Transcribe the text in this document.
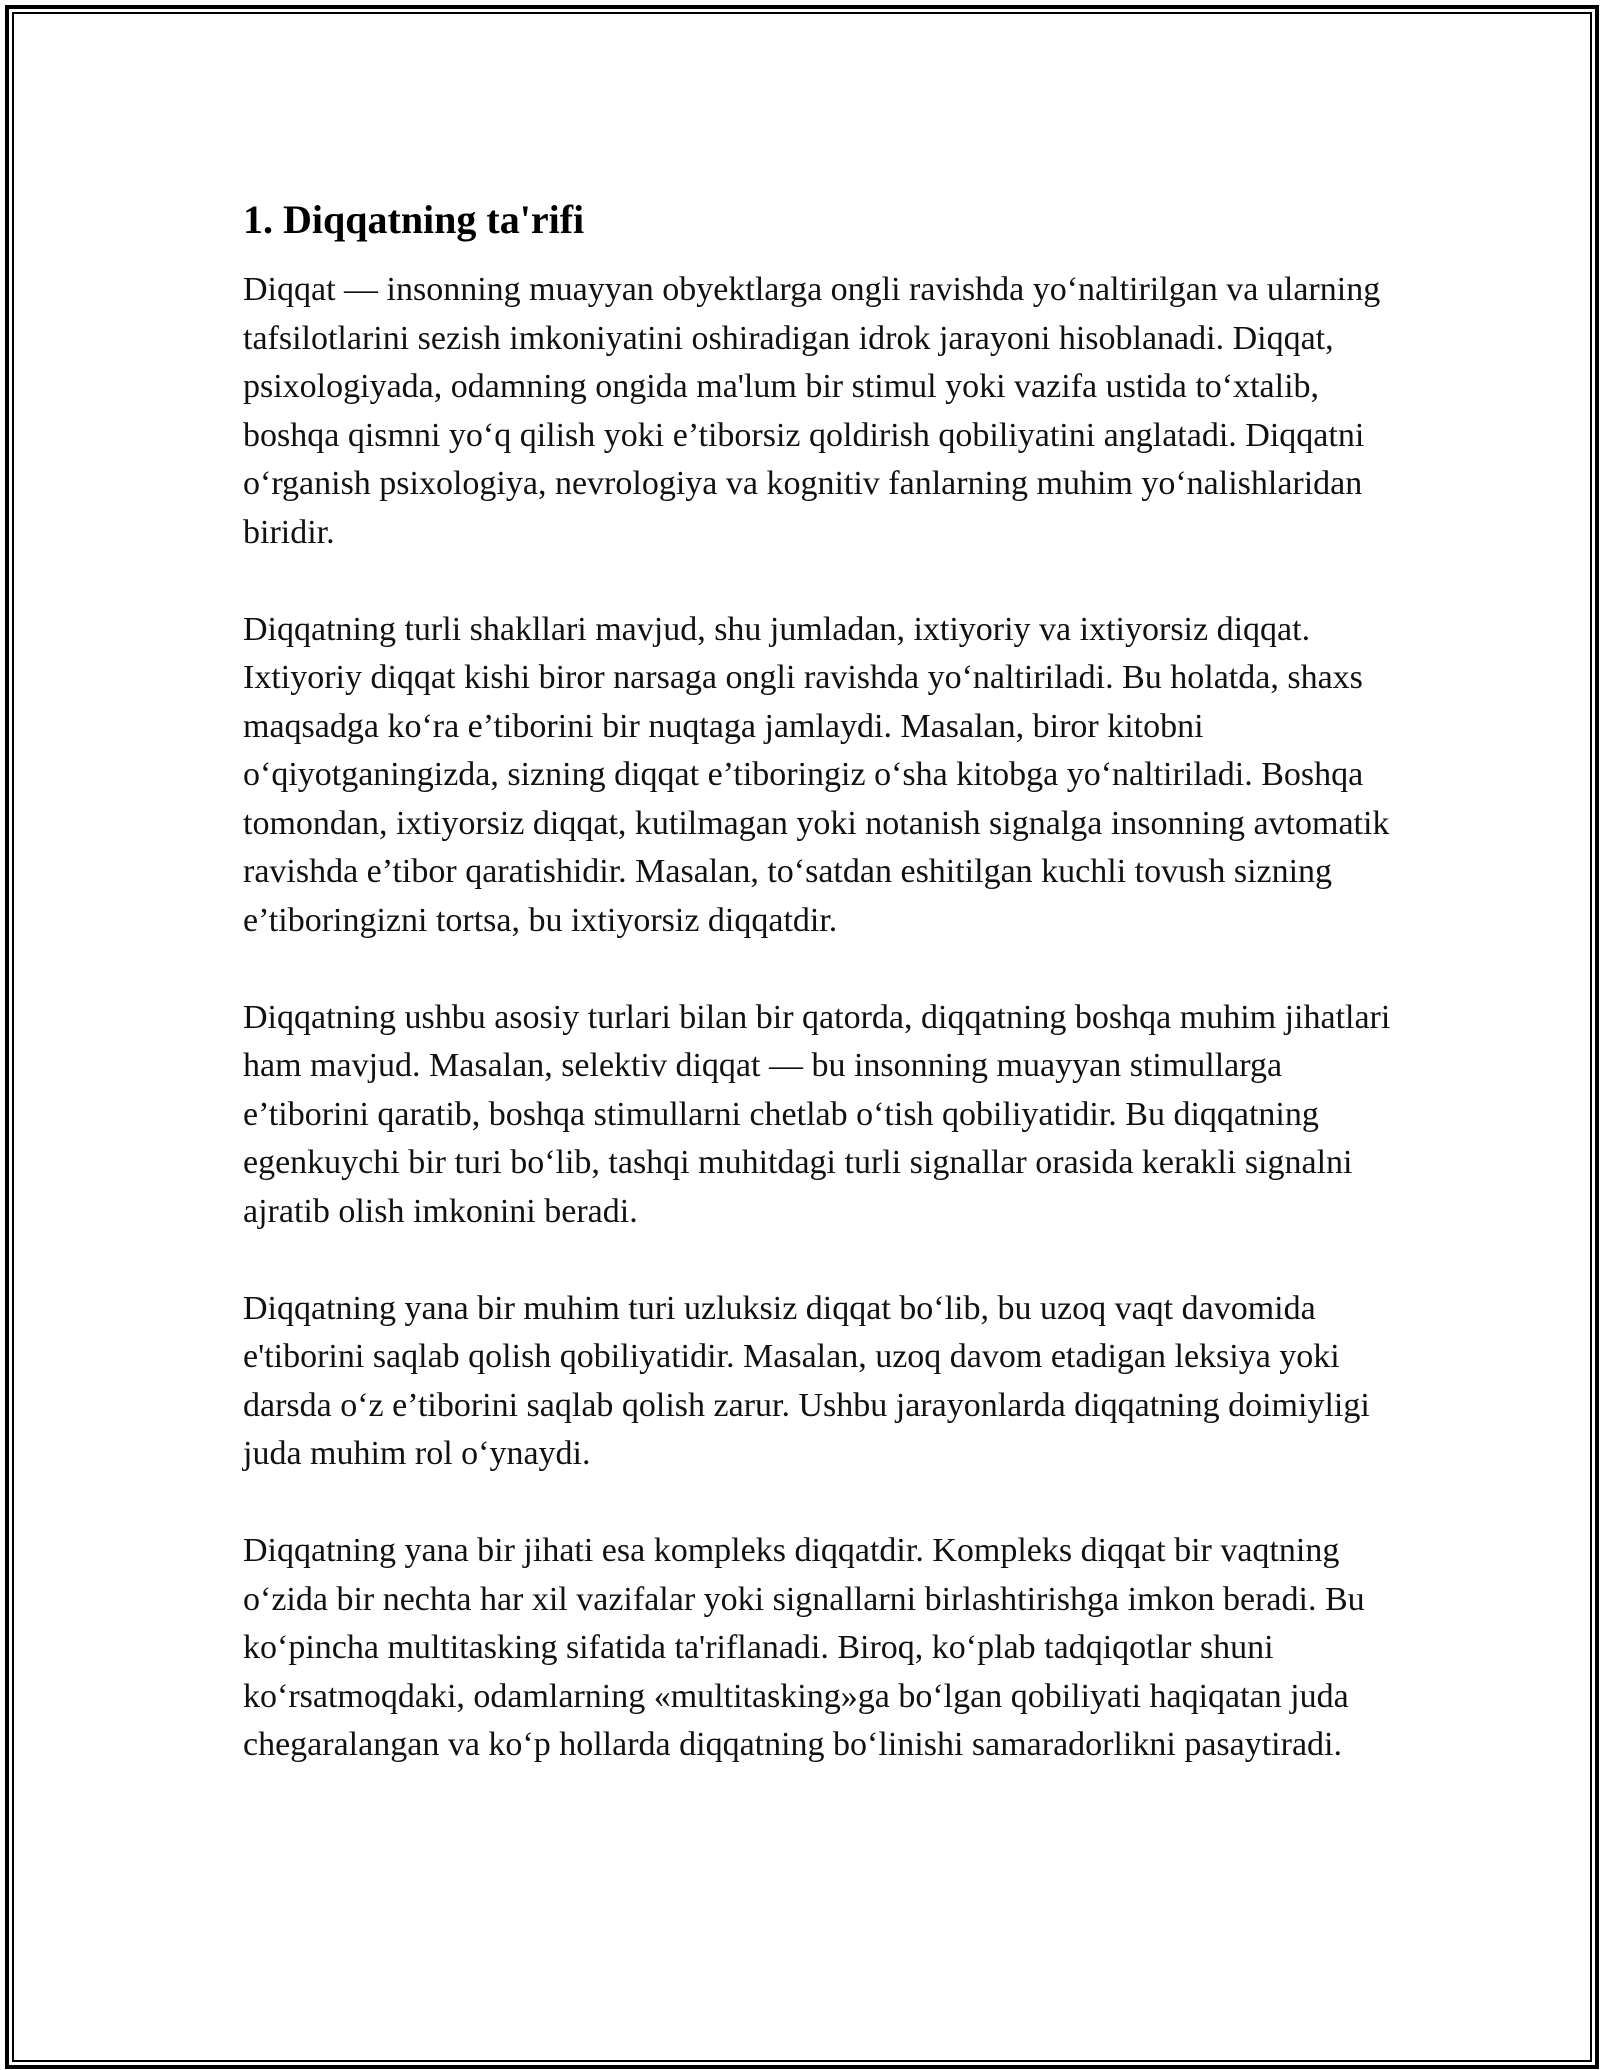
1. Diqqatning ta'rifi

Diqqat — insonning muayyan obyektlarga ongli ravishda yo‘naltirilgan va ularning tafsilotlarini sezish imkoniyatini oshiradigan idrok jarayoni hisoblanadi. Diqqat, psixologiyada, odamning ongida ma'lum bir stimul yoki vazifa ustida to‘xtalib, boshqa qismni yo‘q qilish yoki e’tiborsiz qoldirish qobiliyatini anglatadi. Diqqatni o‘rganish psixologiya, nevrologiya va kognitiv fanlarning muhim yo‘nalishlaridan biridir.

Diqqatning turli shakllari mavjud, shu jumladan, ixtiyoriy va ixtiyorsiz diqqat. Ixtiyoriy diqqat kishi biror narsaga ongli ravishda yo‘naltiriladi. Bu holatda, shaxs maqsadga ko‘ra e’tiborini bir nuqtaga jamlaydi. Masalan, biror kitobni o‘qiyotganingizda, sizning diqqat e’tiboringiz o‘sha kitobga yo‘naltiriladi. Boshqa tomondan, ixtiyorsiz diqqat, kutilmagan yoki notanish signalga insonning avtomatik ravishda e’tibor qaratishidir. Masalan, to‘satdan eshitilgan kuchli tovush sizning e’tiboringizni tortsa, bu ixtiyorsiz diqqatdir.

Diqqatning ushbu asosiy turlari bilan bir qatorda, diqqatning boshqa muhim jihatlari ham mavjud. Masalan, selektiv diqqat — bu insonning muayyan stimullarga e’tiborini qaratib, boshqa stimullarni chetlab o‘tish qobiliyatidir. Bu diqqatning egenkuychi bir turi bo‘lib, tashqi muhitdagi turli signallar orasida kerakli signalni ajratib olish imkonini beradi.

Diqqatning yana bir muhim turi uzluksiz diqqat bo‘lib, bu uzoq vaqt davomida e'tiborini saqlab qolish qobiliyatidir. Masalan, uzoq davom etadigan leksiya yoki darsda o‘z e’tiborini saqlab qolish zarur. Ushbu jarayonlarda diqqatning doimiyligi juda muhim rol o‘ynaydi.

Diqqatning yana bir jihati esa kompleks diqqatdir. Kompleks diqqat bir vaqtning o‘zida bir nechta har xil vazifalar yoki signallarni birlashtirishga imkon beradi. Bu ko‘pincha multitasking sifatida ta'riflanadi. Biroq, ko‘plab tadqiqotlar shuni ko‘rsatmoqdaki, odamlarning «multitasking»ga bo‘lgan qobiliyati haqiqatan juda chegaralangan va ko‘p hollarda diqqatning bo‘linishi samaradorlikni pasaytiradi.
